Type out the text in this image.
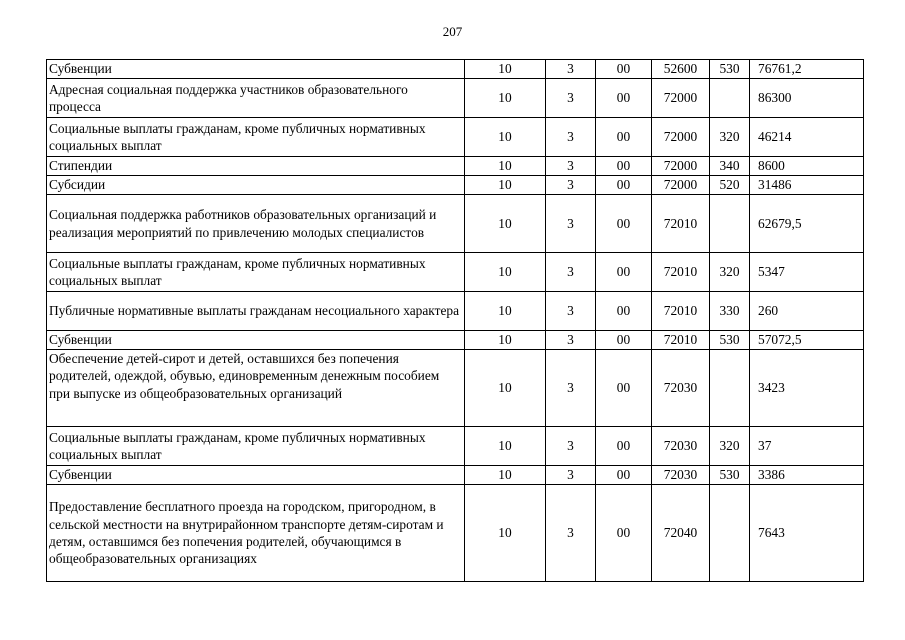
207
Субвенции	10	3	00	52600	530	76761,2
Адресная социальная поддержка участников образовательного процесса	10	3	00	72000		86300
Социальные выплаты гражданам, кроме публичных нормативных социальных выплат	10	3	00	72000	320	46214
Стипендии	10	3	00	72000	340	8600
Субсидии	10	3	00	72000	520	31486
Социальная поддержка работников образовательных организаций и реализация мероприятий по привлечению молодых специалистов	10	3	00	72010		62679,5
Социальные выплаты гражданам, кроме публичных нормативных социальных выплат	10	3	00	72010	320	5347
Публичные нормативные выплаты гражданам несоциального характера	10	3	00	72010	330	260
Субвенции	10	3	00	72010	530	57072,5
Обеспечение детей-сирот и детей, оставшихся без попечения родителей, одеждой, обувью, единовременным денежным пособием при выпуске из общеобразовательных организаций	10	3	00	72030		3423
Социальные выплаты гражданам, кроме публичных нормативных социальных выплат	10	3	00	72030	320	37
Субвенции	10	3	00	72030	530	3386
Предоставление бесплатного проезда на городском, пригородном, в сельской местности на внутрирайонном транспорте детям-сиротам и детям, оставшимся без попечения родителей, обучающимся в общеобразовательных организациях	10	3	00	72040		7643
